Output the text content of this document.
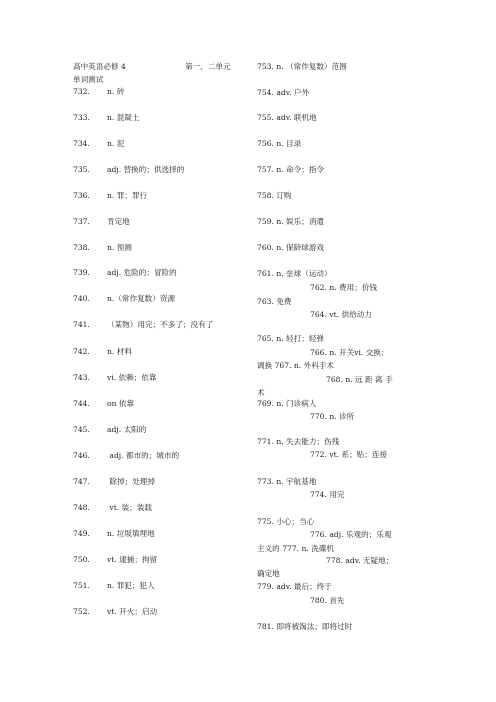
高中英语必修 4	第一、二单元
单词测试
732. n. 砖
733. n. 混凝土
734. n. 泥
735. adj. 替换的；供选择的
736. n. 罪；罪行
737. 肯定地
738. n. 预测
739. adj. 危险的；冒险的
740. n.（常作复数）资源
741. （某物）用完；不多了；没有了
742. n. 材料
743. vi. 依赖；依靠
744. on 依靠
745. adj. 太阳的
746. adj. 都市的；城市的
747. 除掉；处理掉
748. vt. 装；装载
749. n. 垃圾填埋地
750. vt. 逮捕；拘留
751. n. 罪犯；犯人
752. vt. 开火；启动
753. n. （常作复数）范围
754. adv. 户外
755. adv. 联机地
756. n. 目录
757. n. 命令；指令
758. 订购
759. n. 娱乐；消遣
760. n. 保龄球游戏
761. n. 垒球（运动）
762. n. 费用；价钱
763. 免费
764. vt. 供给动力
765. n. 轻打；轻弹
766. n. 开关vi. 交换；
调换 767. n. 外科手术
768. n. 远 距 离 手
术
769. n. 门诊病人
770. n. 诊所
771. n. 失去能力；伤残
772. vt. 系；贴；连接
773. n. 宇航基地
774. 用完
775. 小心；当心
776. adj. 乐观的；乐观
主义的 777. n. 洗碟机
778. adv. 无疑地；
确定地
779. adv. 最后；终于
780. 首先
781. 即将被淘汰；即将过时
